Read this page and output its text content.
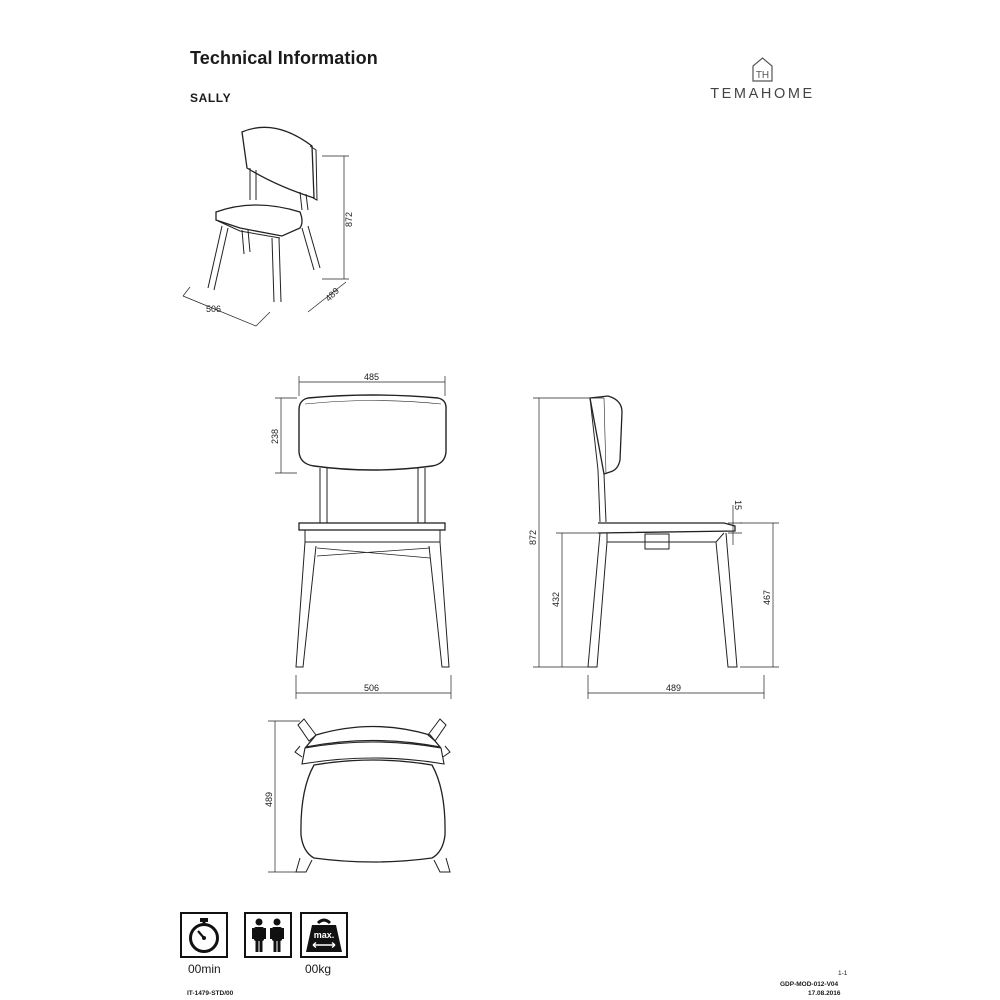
Technical Information
SALLY
TH
TEMAHOME
506
872
489
485
238
506
872
432
15
467
489
489
max.
00min	00kg
IT-1479-STD/00
1-1
GDP-MOD-012-V04
17.08.2016
